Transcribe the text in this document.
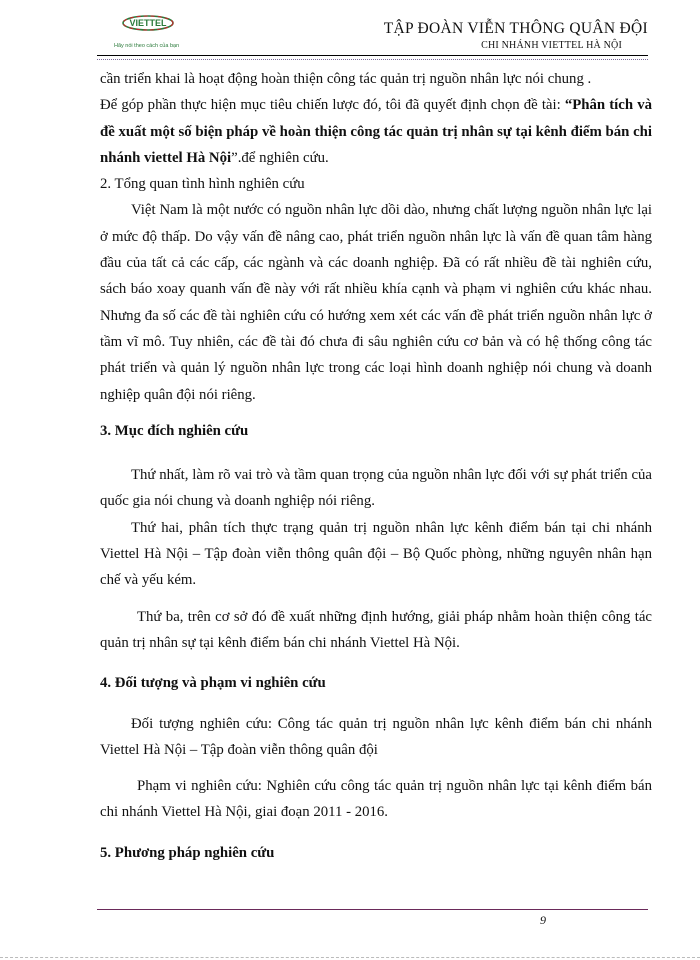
VIETTEL
Hãy nói theo cách của bạn
TẬP ĐOÀN VIỄN THÔNG QUÂN ĐỘI
CHI NHÁNH VIETTEL HÀ NỘI

cần triển khai là hoạt động hoàn thiện công tác quản trị nguồn nhân lực nói chung .

Để góp phần thực hiện mục tiêu chiến lược đó, tôi đã quyết định chọn đề tài: “Phân tích và đề xuất một số biện pháp về hoàn thiện công tác quản trị nhân sự tại kênh điểm bán chi nhánh viettel Hà Nội”.để nghiên cứu.

2. Tổng quan tình hình nghiên cứu

Việt Nam là một nước có nguồn nhân lực dồi dào, nhưng chất lượng nguồn nhân lực lại ở mức độ thấp. Do vậy vấn đề nâng cao, phát triển nguồn nhân lực là vấn đề quan tâm hàng đầu của tất cả các cấp, các ngành và các doanh nghiệp. Đã có rất nhiều đề tài nghiên cứu, sách báo xoay quanh vấn đề này với rất nhiều khía cạnh và phạm vi nghiên cứu khác nhau. Nhưng đa số các đề tài nghiên cứu có hướng xem xét các vấn đề phát triển nguồn nhân lực ở tầm vĩ mô. Tuy nhiên, các đề tài đó chưa đi sâu nghiên cứu cơ bản và có hệ thống công tác phát triển và quản lý nguồn nhân lực trong các loại hình doanh nghiệp nói chung và doanh nghiệp quân đội nói riêng.

3. Mục đích nghiên cứu

Thứ nhất, làm rõ vai trò và tầm quan trọng của nguồn nhân lực đối với sự phát triển của quốc gia nói chung và doanh nghiệp nói riêng.

Thứ hai, phân tích thực trạng quản trị nguồn nhân lực kênh điểm bán tại chi nhánh Viettel Hà Nội – Tập đoàn viễn thông quân đội – Bộ Quốc phòng, những nguyên nhân hạn chế và yếu kém.

Thứ ba, trên cơ sở đó đề xuất những định hướng, giải pháp nhằm hoàn thiện công tác quản trị nhân sự tại kênh điểm bán chi nhánh Viettel Hà Nội.

4. Đối tượng và phạm vi nghiên cứu

Đối tượng nghiên cứu: Công tác quản trị nguồn nhân lực kênh điểm bán chi nhánh Viettel Hà Nội – Tập đoàn viễn thông quân đội

Phạm vi nghiên cứu: Nghiên cứu công tác quản trị nguồn nhân lực tại kênh điểm bán chi nhánh Viettel Hà Nội, giai đoạn 2011 - 2016.

5. Phương pháp nghiên cứu

9
